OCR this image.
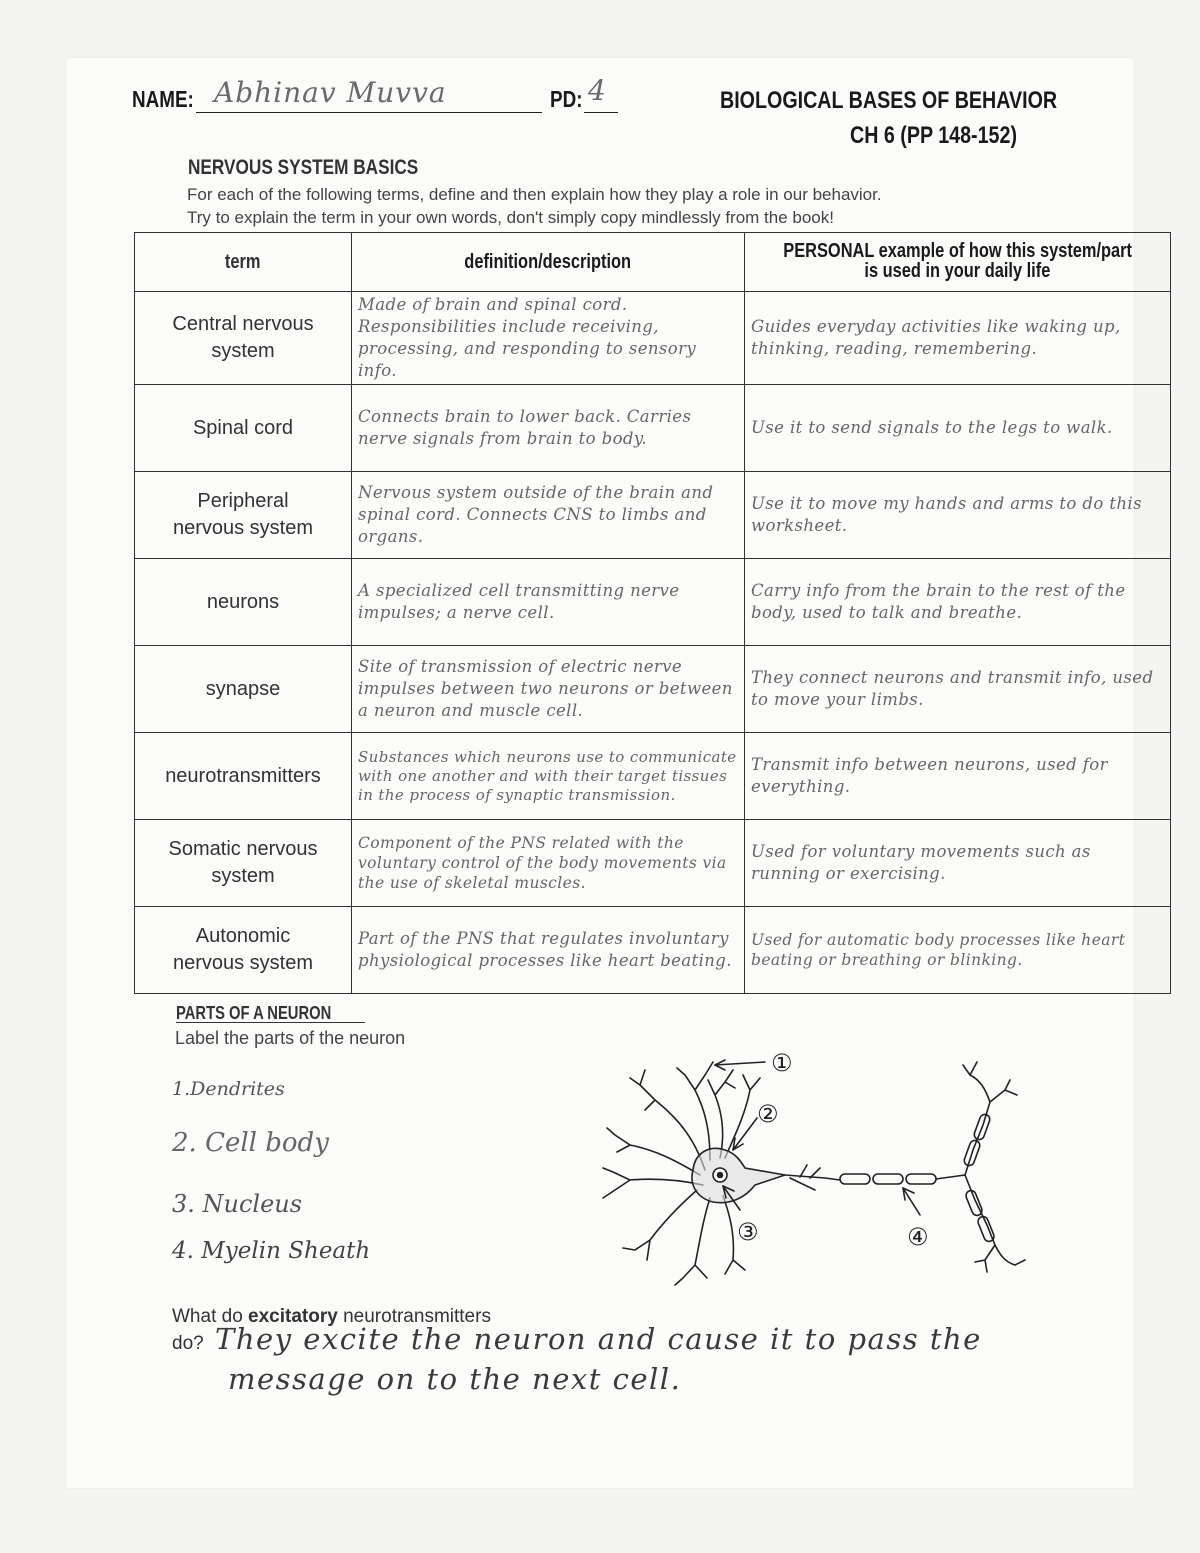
NAME: Abhinav Muvva	PD: 4	BIOLOGICAL BASES OF BEHAVIOR
CH 6 (PP 148-152)
NERVOUS SYSTEM BASICS
For each of the following terms, define and then explain how they play a role in our behavior.
Try to explain the term in your own words, don't simply copy mindlessly from the book!
term	definition/description	PERSONAL example of how this system/part
is used in your daily life

Central nervous
system	Made of brain and spinal cord. Responsibilities include receiving, processing, and responding to sensory info.	Guides everyday activities like waking up, thinking, reading, remembering.

Spinal cord	Connects brain to lower back. Carries nerve signals from brain to body.	Use it to send signals to the legs to walk.

Peripheral
nervous system	Nervous system outside of the brain and spinal cord. Connects CNS to limbs and organs.	Use it to move my hands and arms to do this worksheet.

neurons	A specialized cell transmitting nerve impulses; a nerve cell.	Carry info from the brain to the rest of the body, used to talk and breathe.

synapse	Site of transmission of electric nerve impulses between two neurons or between a neuron and muscle cell.	They connect neurons and transmit info, used to move your limbs.

neurotransmitters	Substances which neurons use to communicate with one another and with their target tissues in the process of synaptic transmission.	Transmit info between neurons, used for everything.

Somatic nervous
system	Component of the PNS related with the voluntary control of the body movements via the use of skeletal muscles.	Used for voluntary movements such as running or exercising.

Autonomic
nervous system	Part of the PNS that regulates involuntary physiological processes like heart beating.	Used for automatic body processes like heart beating or breathing or blinking.
PARTS OF A NEURON
Label the parts of the neuron
1.Dendrites
2. Cell body
3. Nucleus
4. Myelin Sheath
①
②
③	④
What do excitatory neurotransmitters
do? They excite the neuron and cause it to pass the
message on to the next cell.
